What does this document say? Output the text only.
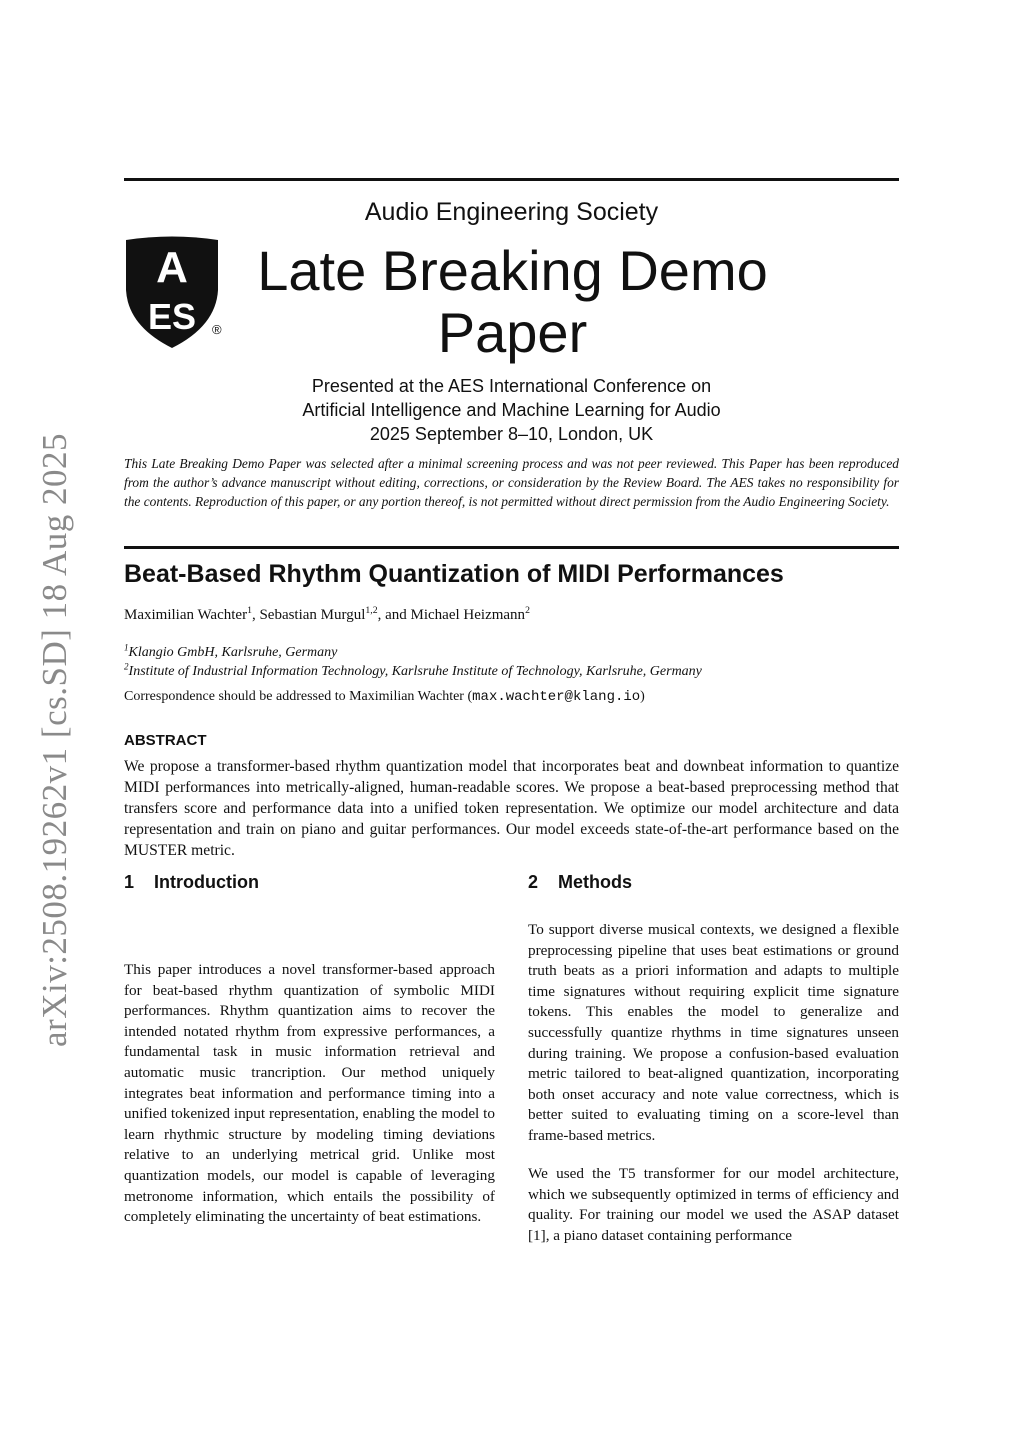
arXiv:2508.19262v1 [cs.SD] 18 Aug 2025
A
ES ®
Audio Engineering Society
Late Breaking Demo Paper
Presented at the AES International Conference on
Artificial Intelligence and Machine Learning for Audio
2025 September 8–10, London, UK
This Late Breaking Demo Paper was selected after a minimal screening process and was not peer reviewed. This Paper has been reproduced from the author’s advance manuscript without editing, corrections, or consideration by the Review Board. The AES takes no responsibility for the contents. Reproduction of this paper, or any portion thereof, is not permitted without direct permission from the Audio Engineering Society.
Beat-Based Rhythm Quantization of MIDI Performances
Maximilian Wachter$^1$, Sebastian Murgul$^{1,2}$, and Michael Heizmann$^2$
$^1$Klangio GmbH, Karlsruhe, Germany
$^2$Institute of Industrial Information Technology, Karlsruhe Institute of Technology, Karlsruhe, Germany
Correspondence should be addressed to Maximilian Wachter (max.wachter@klang.io)
ABSTRACT
We propose a transformer-based rhythm quantization model that incorporates beat and downbeat information to quantize MIDI performances into metrically-aligned, human-readable scores. We propose a beat-based preprocessing method that transfers score and performance data into a unified token representation. We optimize our model architecture and data representation and train on piano and guitar performances. Our model exceeds state-of-the-art performance based on the MUSTER metric.
1 Introduction
This paper introduces a novel transformer-based approach for beat-based rhythm quantization of symbolic MIDI performances. Rhythm quantization aims to recover the intended notated rhythm from expressive performances, a fundamental task in music information retrieval and automatic music trancription. Our method uniquely integrates beat information and performance timing into a unified tokenized input representation, enabling the model to learn rhythmic structure by modeling timing deviations relative to an underlying metrical grid. Unlike most quantization models, our model is capable of leveraging metronome information, which entails the possibility of completely eliminating the uncertainty of beat estimations.
2 Methods
To support diverse musical contexts, we designed a flexible preprocessing pipeline that uses beat estimations or ground truth beats as a priori information and adapts to multiple time signatures without requiring explicit time signature tokens. This enables the model to generalize and successfully quantize rhythms in time signatures unseen during training. We propose a confusion-based evaluation metric tailored to beat-aligned quantization, incorporating both onset accuracy and note value correctness, which is better suited to evaluating timing on a score-level than frame-based metrics.
We used the T5 transformer for our model architecture, which we subsequently optimized in terms of efficiency and quality. For training our model we used the ASAP dataset [1], a piano dataset containing performance
